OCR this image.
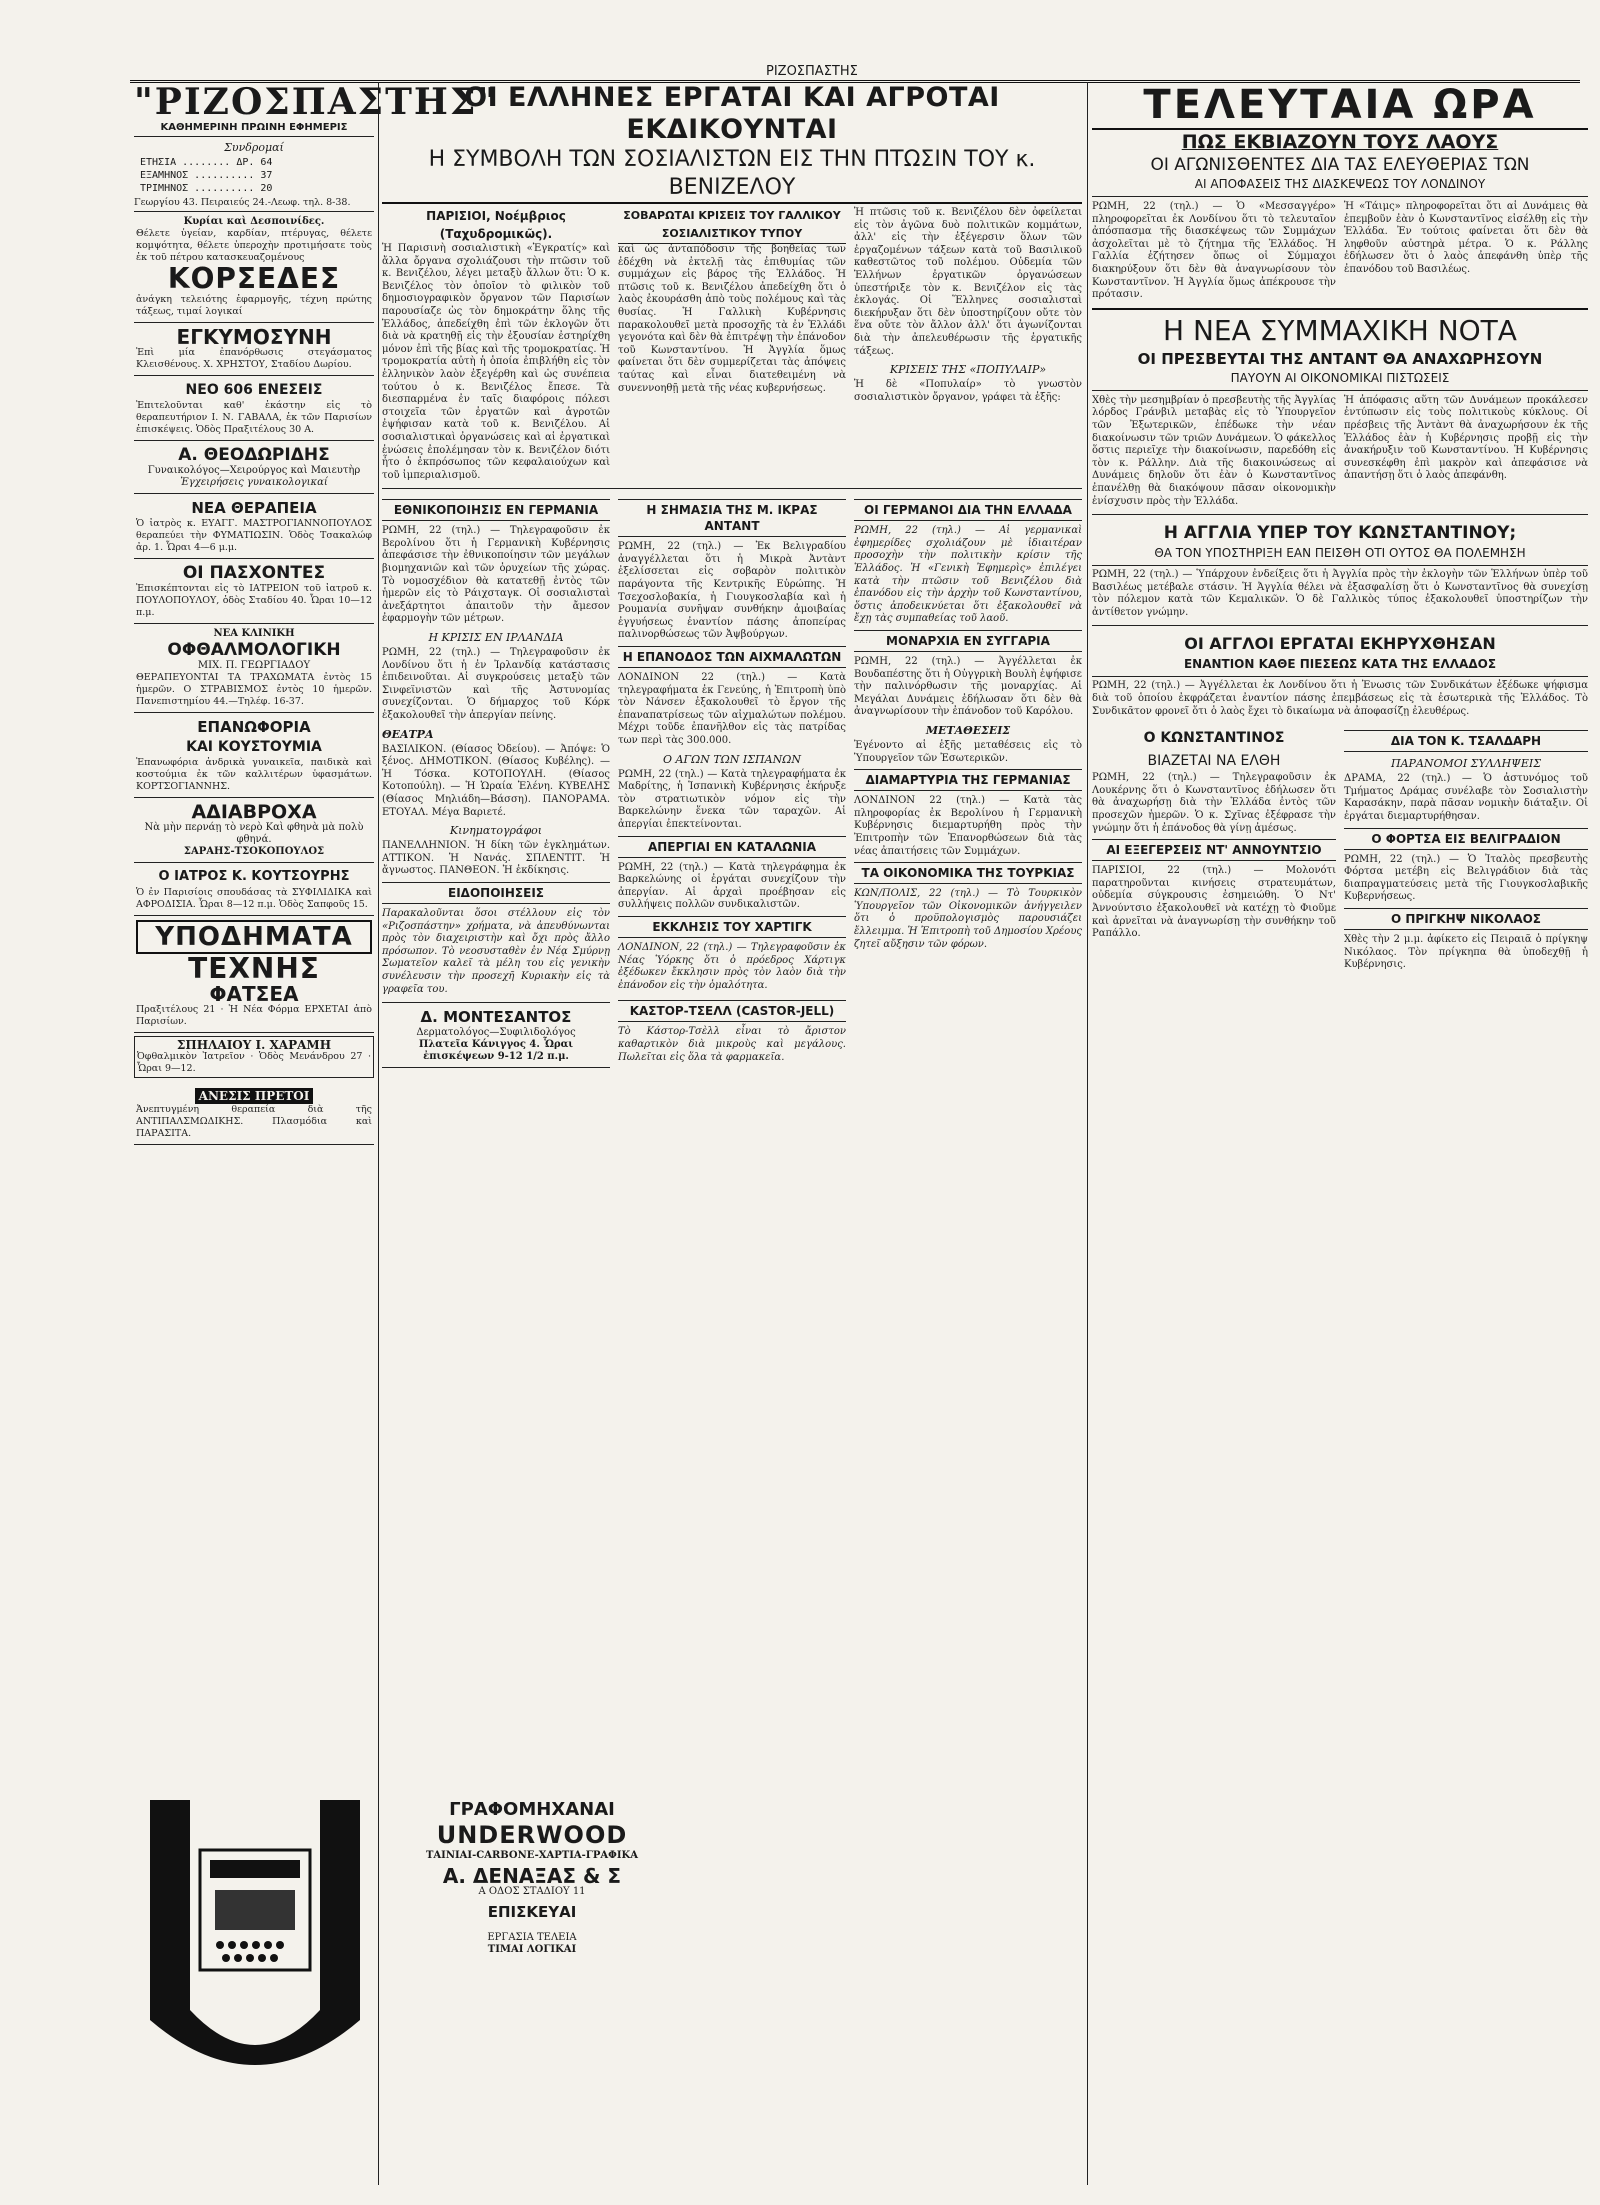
ΡΙΖΟΣΠΑΣΤΗΣ
"ΡΙΖΟΣΠΑΣΤΗΣ"
ΚΑΘΗΜΕΡΙΝΗ ΠΡΩΙΝΗ ΕΦΗΜΕΡΙΣ
Συνδρομαί
ΕΤΗΣΙΑ ........ ΔΡ. 64
ΕΞΑΜΗΝΟΣ .......... 37
ΤΡΙΜΗΝΟΣ .......... 20
Γεωργίου 43. Πειραιεύς 24.-Λεωφ. τηλ. 8-38.
Κυρίαι καὶ Δεσποινίδες.
Θέλετε ὑγείαν, καρδίαν, πτέρυγας, θέλετε κομψότητα, θέλετε ὑπεροχὴν προτιμήσατε τοὺς ἐκ τοῦ πέτρου κατασκευαζομένους
ΚΟΡΣΕΔΕΣ
ἀνάγκη τελειότης ἐφαρμογῆς, τέχνη πρώτης τάξεως, τιμαί λογικαί
ΕΓΚΥΜΟΣΥΝΗ
Ἐπὶ μία ἐπανόρθωσις στεγάσματος Κλεισθένους. Χ. ΧΡΗΣΤΟΥ, Σταδίου Δωρίου.
ΝΕΟ 606 ΕΝΕΣΕΙΣ
Ἐπιτελοῦνται καθ' ἑκάστην εἰς τὸ θεραπευτήριον Ι. Ν. ΓΑΒΑΛΑ, ἑκ τῶν Παρισίων ἐπισκέψεις. Ὁδὸς Πραξιτέλους 30 Α.
Α. ΘΕΟΔΩΡΙΔΗΣ
Γυναικολόγος—Χειρούργος καὶ Μαιευτὴρ
Ἐγχειρήσεις γυναικολογικαί
ΝΕΑ ΘΕΡΑΠΕΙΑ
Ὁ ἰατρὸς κ. ΕΥΑΓΓ. ΜΑΣΤΡΟΓΙΑΝΝΟΠΟΥΛΟΣ θεραπεύει τὴν ΦΥΜΑΤΙΩΣΙΝ. Ὁδὸς Τσακαλώφ ἀρ. 1. Ὧραι 4—6 μ.μ.
ΟΙ ΠΑΣΧΟΝΤΕΣ
Ἐπισκέπτονται εἰς τὸ ΙΑΤΡΕΙΟΝ τοῦ ἰατροῦ κ. ΠΟΥΛΟΠΟΥΛΟΥ, ὁδὸς Σταδίου 40. Ὧραι 10—12 π.μ.
ΝΕΑ ΚΛΙΝΙΚΗ
ΟΦΘΑΛΜΟΛΟΓΙΚΗ
ΜΙΧ. Π. ΓΕΩΡΓΙΑΔΟΥ
ΘΕΡΑΠΕΥΟΝΤΑΙ ΤΑ ΤΡΑΧΩΜΑΤΑ ἐντὸς 15 ἡμερῶν. Ο ΣΤΡΑΒΙΣΜΟΣ ἐντὸς 10 ἡμερῶν. Πανεπιστημίου 44.—Τηλέφ. 16-37.
ΕΠΑΝΩΦΟΡΙΑ
ΚΑΙ ΚΟΥΣΤΟΥΜΙΑ
Ἐπανωφόρια ἀνδρικὰ γυναικεῖα, παιδικὰ καὶ κοστούμια ἐκ τῶν καλλιτέρων ὑφασμάτων. ΚΟΡΤΣΟΓΙΑΝΝΗΣ.
ΑΔΙΑΒΡΟΧΑ
Νὰ μὴν περνάῃ τὸ νερὸ Καὶ φθηνὰ μὰ πολὺ φθηνά.
ΣΑΡΑΗΣ-ΤΣΟΚΟΠΟΥΛΟΣ
Ο ΙΑΤΡΟΣ Κ. ΚΟΥΤΣΟΥΡΗΣ
Ὁ ἐν Παρισίοις σπουδάσας τὰ ΣΥΦΙΛΙΔΙΚΑ καὶ ΑΦΡΟΔΙΣΙΑ. Ὧραι 8—12 π.μ. Ὁδὸς Σαπφοῦς 15.
ΥΠΟΔΗΜΑΤΑ
ΤΕΧΝΗΣ
ΦΑΤΣΕΑ
Πραξιτέλους 21 · Ἡ Νέα Φόρμα ΕΡΧΕΤΑΙ ἀπὸ Παρισίων.
ΣΠΗΛΑΙΟΥ Ι. ΧΑΡΑΜΗ
Ὀφθαλμικὸν Ἰατρεῖον · Ὁδὸς Μενάνδρου 27 · Ὧραι 9—12.
ΑΝΕΣΙΣ ΠΡΕΤΟΙ
Ἀνεπτυγμένη θεραπεία διὰ τῆς ΑΝΤΙΠΑΛΣΜΩΔΙΚΗΣ. Πλασμόδια καὶ ΠΑΡΑΣΙΤΑ.
ΓΡΑΦΟΜΗΧΑΝΑΙ
UNDERWOOD
ΤΑΙΝΙΑΙ-CARBONE-ΧΑΡΤΙΑ-ΓΡΑΦΙΚΑ
Α. ΔΕΝΑΞΑΣ & Σ
Α ΟΔΟΣ ΣΤΑΔΙΟΥ 11
ΕΠΙΣΚΕΥΑΙ
ΕΡΓΑΣΙΑ ΤΕΛΕΙΑ
ΤΙΜΑΙ ΛΟΓΙΚΑΙ
ΟΙ ΕΛΛΗΝΕΣ ΕΡΓΑΤΑΙ ΚΑΙ ΑΓΡΟΤΑΙ ΕΚΔΙΚΟΥΝΤΑΙ
Η ΣΥΜΒΟΛΗ ΤΩΝ ΣΟΣΙΑΛΙΣΤΩΝ ΕΙΣ ΤΗΝ ΠΤΩΣΙΝ ΤΟΥ κ. ΒΕΝΙΖΕΛΟΥ
ΠΑΡΙΣΙΟΙ, Νοέμβριος (Ταχυδρομικῶς).
Ἡ Παρισινὴ σοσιαλιστικὴ «Ἐγκρατίς» καὶ ἄλλα ὄργανα σχολιάζουσι τὴν πτῶσιν τοῦ κ. Βενιζέλου, λέγει μεταξὺ ἄλλων ὅτι: Ὁ κ. Βενιζέλος τὸν ὁποῖον τὸ φιλικὸν τοῦ δημοσιογραφικὸν ὄργανον τῶν Παρισίων παρουσίαζε ὡς τὸν δημοκράτην ὅλης τῆς Ἑλλάδος, ἀπεδείχθη ἐπὶ τῶν ἐκλογῶν ὅτι διὰ νὰ κρατηθῇ εἰς τὴν ἐξουσίαν ἐστηρίχθη μόνον ἐπὶ τῆς βίας καὶ τῆς τρομοκρατίας. Ἡ τρομοκρατία αὐτὴ ἡ ὁποία ἐπιβλήθη εἰς τὸν ἑλληνικὸν λαὸν ἐξεγέρθη καὶ ὡς συνέπεια τούτου ὁ κ. Βενιζέλος ἔπεσε. Τὰ διεσπαρμένα ἐν ταῖς διαφόροις πόλεσι στοιχεῖα τῶν ἐργατῶν καὶ ἀγροτῶν ἐψήφισαν κατὰ τοῦ κ. Βενιζέλου. Αἱ σοσιαλιστικαὶ ὀργανώσεις καὶ αἱ ἐργατικαὶ ἑνώσεις ἐπολέμησαν τὸν κ. Βενιζέλον διότι ἦτο ὁ ἐκπρόσωπος τῶν κεφαλαιούχων καὶ τοῦ ἰμπεριαλισμοῦ.
ΣΟΒΑΡΩΤΑΙ ΚΡΙΣΕΙΣ ΤΟΥ ΓΑΛΛΙΚΟΥ ΣΟΣΙΑΛΙΣΤΙΚΟΥ ΤΥΠΟΥ
καὶ ὡς ἀνταπόδοσιν τῆς βοηθείας των ἐδέχθη νὰ ἐκτελῇ τὰς ἐπιθυμίας τῶν συμμάχων εἰς βάρος τῆς Ἑλλάδος. Ἡ πτῶσις τοῦ κ. Βενιζέλου ἀπεδείχθη ὅτι ὁ λαὸς ἐκουράσθη ἀπὸ τοὺς πολέμους καὶ τὰς θυσίας. Ἡ Γαλλικὴ Κυβέρνησις παρακολουθεῖ μετὰ προσοχῆς τὰ ἐν Ἑλλάδι γεγονότα καὶ δὲν θὰ ἐπιτρέψῃ τὴν ἐπάνοδον τοῦ Κωνσταντίνου. Ἡ Ἀγγλία ὅμως φαίνεται ὅτι δὲν συμμερίζεται τὰς ἀπόψεις ταύτας καὶ εἶναι διατεθειμένη νὰ συνεννοηθῇ μετὰ τῆς νέας κυβερνήσεως.
Ἡ πτῶσις τοῦ κ. Βενιζέλου δὲν ὀφείλεται εἰς τὸν ἀγῶνα δυὸ πολιτικῶν κομμάτων, ἀλλ' εἰς τὴν ἐξέγερσιν ὅλων τῶν ἐργαζομένων τάξεων κατὰ τοῦ Βασιλικοῦ καθεστῶτος τοῦ πολέμου. Οὐδεμία τῶν Ἑλλήνων ἐργατικῶν ὀργανώσεων ὑπεστήριξε τὸν κ. Βενιζέλον εἰς τὰς ἐκλογάς. Οἱ Ἕλληνες σοσιαλισταὶ διεκήρυξαν ὅτι δὲν ὑποστηρίζουν οὔτε τὸν ἕνα οὔτε τὸν ἄλλον ἀλλ' ὅτι ἀγωνίζονται διὰ τὴν ἀπελευθέρωσιν τῆς ἐργατικῆς τάξεως.
ΚΡΙΣΕΙΣ ΤΗΣ «ΠΟΠΥΛΑΙΡ»
Ἡ δὲ «Ποπυλαίρ» τὸ γνωστὸν σοσιαλιστικὸν ὄργανον, γράφει τὰ ἑξῆς:
ΕΘΝΙΚΟΠΟΙΗΣΙΣ ΕΝ ΓΕΡΜΑΝΙΑ
ΡΩΜΗ, 22 (τηλ.) — Τηλεγραφοῦσιν ἐκ Βερολίνου ὅτι ἡ Γερμανικὴ Κυβέρνησις ἀπεφάσισε τὴν ἐθνικοποίησιν τῶν μεγάλων βιομηχανιῶν καὶ τῶν ὀρυχείων τῆς χώρας. Τὸ νομοσχέδιον θὰ κατατεθῇ ἐντὸς τῶν ἡμερῶν εἰς τὸ Ράιχσταγκ. Οἱ σοσιαλισταὶ ἀνεξάρτητοι ἀπαιτοῦν τὴν ἄμεσον ἐφαρμογὴν τῶν μέτρων.
Η ΚΡΙΣΙΣ ΕΝ ΙΡΛΑΝΔΙΑ
ΡΩΜΗ, 22 (τηλ.) — Τηλεγραφοῦσιν ἐκ Λονδίνου ὅτι ἡ ἐν Ἰρλανδίᾳ κατάστασις ἐπιδεινοῦται. Αἱ συγκρούσεις μεταξὺ τῶν Σινφεϊνιστῶν καὶ τῆς Ἀστυνομίας συνεχίζονται. Ὁ δήμαρχος τοῦ Κόρκ ἐξακολουθεῖ τὴν ἀπεργίαν πείνης.
ΘΕΑΤΡΑ
ΒΑΣΙΛΙΚΟΝ. (Θίασος Ὀδείου). — Ἀπόψε: Ὁ ξένος. ΔΗΜΟΤΙΚΟΝ. (Θίασος Κυβέλης). — Ἡ Τόσκα. ΚΟΤΟΠΟΥΛΗ. (Θίασος Κοτοπούλη). — Ἡ Ὡραία Ἑλένη. ΚΥΒΕΛΗΣ (Θίασος Μηλιάδη—Βάσση). ΠΑΝΟΡΑΜΑ. ΕΤΟΥΑΛ. Μέγα Βαριετέ.
Κινηματογράφοι
ΠΑΝΕΛΛΗΝΙΟΝ. Ἡ δίκη τῶν ἐγκλημάτων. ΑΤΤΙΚΟΝ. Ἡ Νανάς. ΣΠΛΕΝΤΙΤ. Ἡ ἄγνωστος. ΠΑΝΘΕΟΝ. Ἡ ἐκδίκησις.
ΕΙΔΟΠΟΙΗΣΕΙΣ
Παρακαλοῦνται ὅσοι στέλλουν εἰς τὸν «Ριζοσπάστην» χρήματα, νὰ ἀπευθύνωνται πρὸς τὸν διαχειριστὴν καὶ ὄχι πρὸς ἄλλο πρόσωπον. Τὸ νεοσυσταθὲν ἐν Νέᾳ Σμύρνῃ Σωματεῖον καλεῖ τὰ μέλη του εἰς γενικὴν συνέλευσιν τὴν προσεχῆ Κυριακὴν εἰς τὰ γραφεῖα του.
Δ. ΜΟΝΤΕΣΑΝΤΟΣ
Δερματολόγος—Συφιλιδολόγος
Πλατεῖα Κάνιγγος 4. Ὧραι ἐπισκέψεων 9-12 1/2 π.μ.
Η ΣΗΜΑΣΙΑ ΤΗΣ Μ. ΙΚΡΑΣ ΑΝΤΑΝΤ
ΡΩΜΗ, 22 (τηλ.) — Ἐκ Βελιγραδίου ἀναγγέλλεται ὅτι ἡ Μικρὰ Ἀντὰντ ἐξελίσσεται εἰς σοβαρὸν πολιτικὸν παράγοντα τῆς Κεντρικῆς Εὐρώπης. Ἡ Τσεχοσλοβακία, ἡ Γιουγκοσλαβία καὶ ἡ Ρουμανία συνῆψαν συνθήκην ἀμοιβαίας ἐγγυήσεως ἐναντίον πάσης ἀποπείρας παλινορθώσεως τῶν Ἀψβούργων.
Η ΕΠΑΝΟΔΟΣ ΤΩΝ ΑΙΧΜΑΛΩΤΩΝ
ΛΟΝΔΙΝΟΝ 22 (τηλ.) — Κατὰ τηλεγραφήματα ἐκ Γενεύης, ἡ Ἐπιτροπὴ ὑπὸ τὸν Νάνσεν ἐξακολουθεῖ τὸ ἔργον τῆς ἐπαναπατρίσεως τῶν αἰχμαλώτων πολέμου. Μέχρι τοῦδε ἐπανῆλθον εἰς τὰς πατρίδας των περὶ τὰς 300.000.
Ο ΑΓΩΝ ΤΩΝ ΙΣΠΑΝΩΝ
ΡΩΜΗ, 22 (τηλ.) — Κατὰ τηλεγραφήματα ἐκ Μαδρίτης, ἡ Ἱσπανικὴ Κυβέρνησις ἐκήρυξε τὸν στρατιωτικὸν νόμον εἰς τὴν Βαρκελώνην ἕνεκα τῶν ταραχῶν. Αἱ ἀπεργίαι ἐπεκτείνονται.
ΑΠΕΡΓΙΑΙ ΕΝ ΚΑΤΑΛΩΝΙΑ
ΡΩΜΗ, 22 (τηλ.) — Κατὰ τηλεγράφημα ἐκ Βαρκελώνης οἱ ἐργάται συνεχίζουν τὴν ἀπεργίαν. Αἱ ἀρχαὶ προέβησαν εἰς συλλήψεις πολλῶν συνδικαλιστῶν.
ΕΚΚΛΗΣΙΣ ΤΟΥ ΧΑΡΤΙΓΚ
ΛΟΝΔΙΝΟΝ, 22 (τηλ.) — Τηλεγραφοῦσιν ἐκ Νέας Ὑόρκης ὅτι ὁ πρόεδρος Χάρτιγκ ἐξέδωκεν ἔκκλησιν πρὸς τὸν λαὸν διὰ τὴν ἐπάνοδον εἰς τὴν ὁμαλότητα.
ΚΑΣΤΟΡ-ΤΣΕΛΛ (CASTOR-JELL)
Τὸ Κάστορ-Τσὲλλ εἶναι τὸ ἄριστον καθαρτικὸν διὰ μικροὺς καὶ μεγάλους. Πωλεῖται εἰς ὅλα τὰ φαρμακεῖα.
ΟΙ ΓΕΡΜΑΝΟΙ ΔΙΑ ΤΗΝ ΕΛΛΑΔΑ
ΡΩΜΗ, 22 (τηλ.) — Αἱ γερμανικαὶ ἐφημερίδες σχολιάζουν μὲ ἰδιαιτέραν προσοχὴν τὴν πολιτικὴν κρίσιν τῆς Ἑλλάδος. Ἡ «Γενικὴ Ἐφημερὶς» ἐπιλέγει κατὰ τὴν πτῶσιν τοῦ Βενιζέλου διὰ ἐπανόδου εἰς τὴν ἀρχὴν τοῦ Κωνσταντίνου, ὅστις ἀποδεικνύεται ὅτι ἐξακολουθεῖ νὰ ἔχῃ τὰς συμπαθείας τοῦ λαοῦ.
ΜΟΝΑΡΧΙΑ ΕΝ ΣΥΓΓΑΡΙΑ
ΡΩΜΗ, 22 (τηλ.) — Ἀγγέλλεται ἐκ Βουδαπέστης ὅτι ἡ Οὐγγρικὴ Βουλὴ ἐψήφισε τὴν παλινόρθωσιν τῆς μοναρχίας. Αἱ Μεγάλαι Δυνάμεις ἐδήλωσαν ὅτι δὲν θὰ ἀναγνωρίσουν τὴν ἐπάνοδον τοῦ Καρόλου.
ΜΕΤΑΘΕΣΕΙΣ
Ἐγένοντο αἱ ἑξῆς μεταθέσεις εἰς τὸ Ὑπουργεῖον τῶν Ἐσωτερικῶν.
ΔΙΑΜΑΡΤΥΡΙΑ ΤΗΣ ΓΕΡΜΑΝΙΑΣ
ΛΟΝΔΙΝΟΝ 22 (τηλ.) — Κατὰ τὰς πληροφορίας ἐκ Βερολίνου ἡ Γερμανικὴ Κυβέρνησις διεμαρτυρήθη πρὸς τὴν Ἐπιτροπὴν τῶν Ἐπανορθώσεων διὰ τὰς νέας ἀπαιτήσεις τῶν Συμμάχων.
ΤΑ ΟΙΚΟΝΟΜΙΚΑ ΤΗΣ ΤΟΥΡΚΙΑΣ
ΚΩΝ/ΠΟΛΙΣ, 22 (τηλ.) — Τὸ Τουρκικὸν Ὑπουργεῖον τῶν Οἰκονομικῶν ἀνήγγειλεν ὅτι ὁ προϋπολογισμὸς παρουσιάζει ἔλλειμμα. Ἡ Ἐπιτροπὴ τοῦ Δημοσίου Χρέους ζητεῖ αὔξησιν τῶν φόρων.
ΤΕΛΕΥΤΑΙΑ ΩΡΑ
ΠΩΣ ΕΚΒΙΑΖΟΥΝ ΤΟΥΣ ΛΑΟΥΣ
ΟΙ ΑΓΩΝΙΣΘΕΝΤΕΣ ΔΙΑ ΤΑΣ ΕΛΕΥΘΕΡΙΑΣ ΤΩΝ
ΑΙ ΑΠΟΦΑΣΕΙΣ ΤΗΣ ΔΙΑΣΚΕΨΕΩΣ ΤΟΥ ΛΟΝΔΙΝΟΥ
ΡΩΜΗ, 22 (τηλ.) — Ὁ «Μεσσαγγέρο» πληροφορεῖται ἐκ Λονδίνου ὅτι τὸ τελευταῖον ἀπόσπασμα τῆς διασκέψεως τῶν Συμμάχων ἀσχολεῖται μὲ τὸ ζήτημα τῆς Ἑλλάδος. Ἡ Γαλλία ἐζήτησεν ὅπως οἱ Σύμμαχοι διακηρύξουν ὅτι δὲν θὰ ἀναγνωρίσουν τὸν Κωνσταντῖνον. Ἡ Ἀγγλία ὅμως ἀπέκρουσε τὴν πρότασιν.
Ἡ «Τάιμς» πληροφορεῖται ὅτι αἱ Δυνάμεις θὰ ἐπεμβοῦν ἐὰν ὁ Κωνσταντῖνος εἰσέλθῃ εἰς τὴν Ἑλλάδα. Ἐν τούτοις φαίνεται ὅτι δὲν θὰ ληφθοῦν αὐστηρὰ μέτρα. Ὁ κ. Ράλλης ἐδήλωσεν ὅτι ὁ λαὸς ἀπεφάνθη ὑπὲρ τῆς ἐπανόδου τοῦ Βασιλέως.
Η ΝΕΑ ΣΥΜΜΑΧΙΚΗ ΝΟΤΑ
ΟΙ ΠΡΕΣΒΕΥΤΑΙ ΤΗΣ ΑΝΤΑΝΤ ΘΑ ΑΝΑΧΩΡΗΣΟΥΝ
ΠΑΥΟΥΝ ΑΙ ΟΙΚΟΝΟΜΙΚΑΙ ΠΙΣΤΩΣΕΙΣ
Χθὲς τὴν μεσημβρίαν ὁ πρεσβευτὴς τῆς Ἀγγλίας λόρδος Γράνβιλ μεταβὰς εἰς τὸ Ὑπουργεῖον τῶν Ἐξωτερικῶν, ἐπέδωκε τὴν νέαν διακοίνωσιν τῶν τριῶν Δυνάμεων. Ὁ φάκελλος ὅστις περιεῖχε τὴν διακοίνωσιν, παρεδόθη εἰς τὸν κ. Ράλλην. Διὰ τῆς διακοινώσεως αἱ Δυνάμεις δηλοῦν ὅτι ἐὰν ὁ Κωνσταντῖνος ἐπανέλθῃ θὰ διακόψουν πᾶσαν οἰκονομικὴν ἐνίσχυσιν πρὸς τὴν Ἑλλάδα.
Ἡ ἀπόφασις αὕτη τῶν Δυνάμεων προκάλεσεν ἐντύπωσιν εἰς τοὺς πολιτικοὺς κύκλους. Οἱ πρέσβεις τῆς Ἀντὰντ θὰ ἀναχωρήσουν ἐκ τῆς Ἑλλάδος ἐὰν ἡ Κυβέρνησις προβῇ εἰς τὴν ἀνακήρυξιν τοῦ Κωνσταντίνου. Ἡ Κυβέρνησις συνεσκέφθη ἐπὶ μακρὸν καὶ ἀπεφάσισε νὰ ἀπαντήσῃ ὅτι ὁ λαὸς ἀπεφάνθη.
Η ΑΓΓΛΙΑ ΥΠΕΡ ΤΟΥ ΚΩΝΣΤΑΝΤΙΝΟΥ;
ΘΑ ΤΟΝ ΥΠΟΣΤΗΡΙΞΗ ΕΑΝ ΠΕΙΣΘΗ ΟΤΙ ΟΥΤΟΣ ΘΑ ΠΟΛΕΜΗΣΗ
ΡΩΜΗ, 22 (τηλ.) — Ὑπάρχουν ἐνδείξεις ὅτι ἡ Ἀγγλία πρὸς τὴν ἐκλογὴν τῶν Ἑλλήνων ὑπὲρ τοῦ Βασιλέως μετέβαλε στάσιν. Ἡ Ἀγγλία θέλει νὰ ἐξασφαλίσῃ ὅτι ὁ Κωνσταντῖνος θὰ συνεχίσῃ τὸν πόλεμον κατὰ τῶν Κεμαλικῶν. Ὁ δὲ Γαλλικὸς τύπος ἐξακολουθεῖ ὑποστηρίζων τὴν ἀντίθετον γνώμην.
ΟΙ ΑΓΓΛΟΙ ΕΡΓΑΤΑΙ ΕΚΗΡΥΧΘΗΣΑΝ
ΕΝΑΝΤΙΟΝ ΚΑΘΕ ΠΙΕΣΕΩΣ ΚΑΤΑ ΤΗΣ ΕΛΛΑΔΟΣ
ΡΩΜΗ, 22 (τηλ.) — Ἀγγέλλεται ἐκ Λονδίνου ὅτι ἡ Ἐνωσις τῶν Συνδικάτων ἐξέδωκε ψήφισμα διὰ τοῦ ὁποίου ἐκφράζεται ἐναντίον πάσης ἐπεμβάσεως εἰς τὰ ἐσωτερικὰ τῆς Ἑλλάδος. Τὸ Συνδικᾶτον φρονεῖ ὅτι ὁ λαὸς ἔχει τὸ δικαίωμα νὰ ἀποφασίζῃ ἐλευθέρως.
Ο ΚΩΝΣΤΑΝΤΙΝΟΣ
ΒΙΑΖΕΤΑΙ ΝΑ ΕΛΘΗ
ΡΩΜΗ, 22 (τηλ.) — Τηλεγραφοῦσιν ἐκ Λουκέρνης ὅτι ὁ Κωνσταντῖνος ἐδήλωσεν ὅτι θὰ ἀναχωρήσῃ διὰ τὴν Ἑλλάδα ἐντὸς τῶν προσεχῶν ἡμερῶν. Ὁ κ. Σχῖνας ἐξέφρασε τὴν γνώμην ὅτι ἡ ἐπάνοδος θὰ γίνῃ ἀμέσως.
ΑΙ ΕΞΕΓΕΡΣΕΙΣ ΝΤ' ΑΝΝΟΥΝΤΣΙΟ
ΠΑΡΙΣΙΟΙ, 22 (τηλ.) — Μολονότι παρατηροῦνται κινήσεις στρατευμάτων, οὐδεμία σύγκρουσις ἐσημειώθη. Ὁ Ντ' Ἀννούντσιο ἐξακολουθεῖ νὰ κατέχῃ τὸ Φιοῦμε καὶ ἀρνεῖται νὰ ἀναγνωρίσῃ τὴν συνθήκην τοῦ Ραπάλλο.
ΔΙΑ ΤΟΝ Κ. ΤΣΑΛΔΑΡΗ
ΠΑΡΑΝΟΜΟΙ ΣΥΛΛΗΨΕΙΣ
ΔΡΑΜΑ, 22 (τηλ.) — Ὁ ἀστυνόμος τοῦ Τμήματος Δράμας συνέλαβε τὸν Σοσιαλιστὴν Καρασάκην, παρὰ πᾶσαν νομικὴν διάταξιν. Οἱ ἐργάται διεμαρτυρήθησαν.
Ο ΦΟΡΤΣΑ ΕΙΣ ΒΕΛΙΓΡΑΔΙΟΝ
ΡΩΜΗ, 22 (τηλ.) — Ὁ Ἰταλὸς πρεσβευτὴς Φόρτσα μετέβη εἰς Βελιγράδιον διὰ τὰς διαπραγματεύσεις μετὰ τῆς Γιουγκοσλαβικῆς Κυβερνήσεως.
Ο ΠΡΙΓΚΗΨ ΝΙΚΟΛΑΟΣ
Χθὲς τὴν 2 μ.μ. ἀφίκετο εἰς Πειραιᾶ ὁ πρίγκηψ Νικόλαος. Τὸν πρίγκηπα θὰ ὑποδεχθῇ ἡ Κυβέρνησις.
